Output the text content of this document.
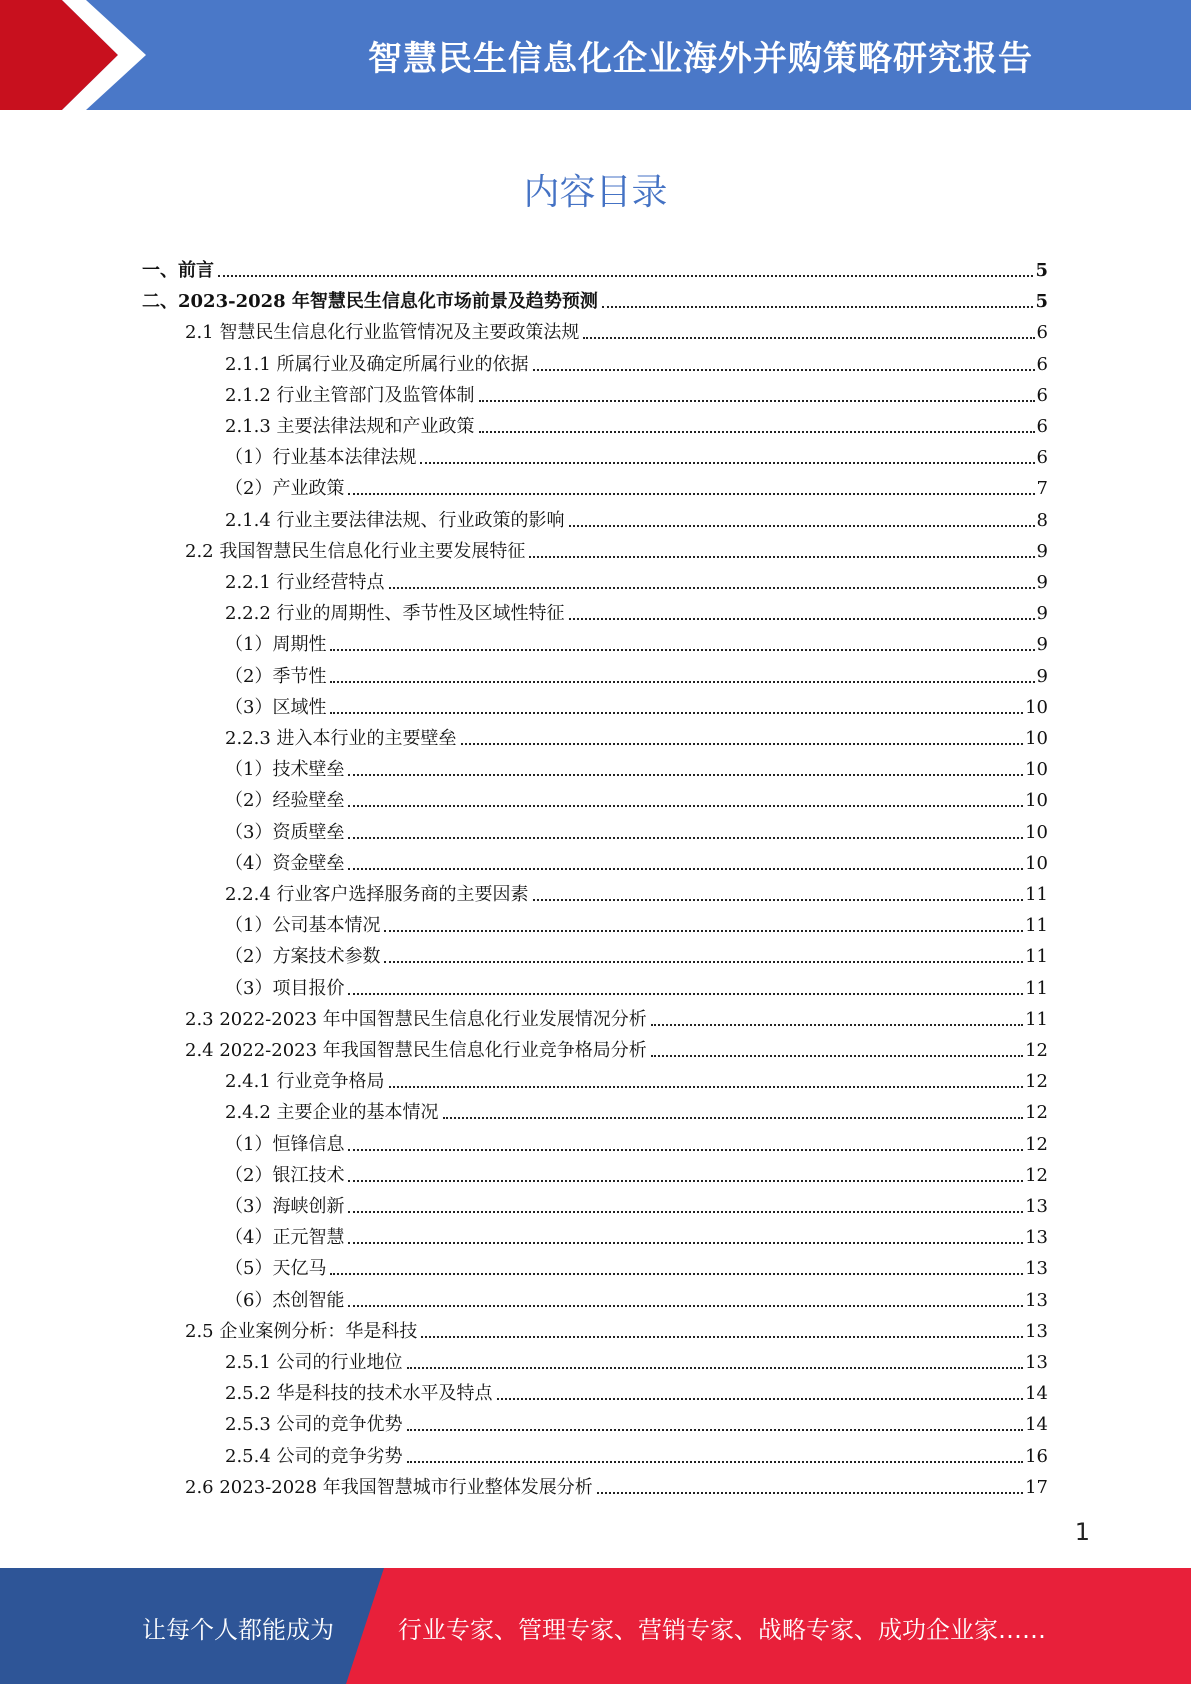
智慧民生信息化企业海外并购策略研究报告
内容目录
一、前言	5
二、2023-2028 年智慧民生信息化市场前景及趋势预测	5
2.1 智慧民生信息化行业监管情况及主要政策法规	6
2.1.1 所属行业及确定所属行业的依据	6
2.1.2 行业主管部门及监管体制	6
2.1.3 主要法律法规和产业政策	6
（1）行业基本法律法规	6
（2）产业政策	7
2.1.4 行业主要法律法规、行业政策的影响	8
2.2 我国智慧民生信息化行业主要发展特征	9
2.2.1 行业经营特点	9
2.2.2 行业的周期性、季节性及区域性特征	9
（1）周期性	9
（2）季节性	9
（3）区域性	10
2.2.3 进入本行业的主要壁垒	10
（1）技术壁垒	10
（2）经验壁垒	10
（3）资质壁垒	10
（4）资金壁垒	10
2.2.4 行业客户选择服务商的主要因素	11
（1）公司基本情况	11
（2）方案技术参数	11
（3）项目报价	11
2.3 2022-2023 年中国智慧民生信息化行业发展情况分析	11
2.4 2022-2023 年我国智慧民生信息化行业竞争格局分析	12
2.4.1 行业竞争格局	12
2.4.2 主要企业的基本情况	12
（1）恒锋信息	12
（2）银江技术	12
（3）海峡创新	13
（4）正元智慧	13
（5）天亿马	13
（6）杰创智能	13
2.5 企业案例分析：华是科技	13
2.5.1 公司的行业地位	13
2.5.2 华是科技的技术水平及特点	14
2.5.3 公司的竞争优势	14
2.5.4 公司的竞争劣势	16
2.6 2023-2028 年我国智慧城市行业整体发展分析	17
1
让每个人都能成为	行业专家、管理专家、营销专家、战略专家、成功企业家……
